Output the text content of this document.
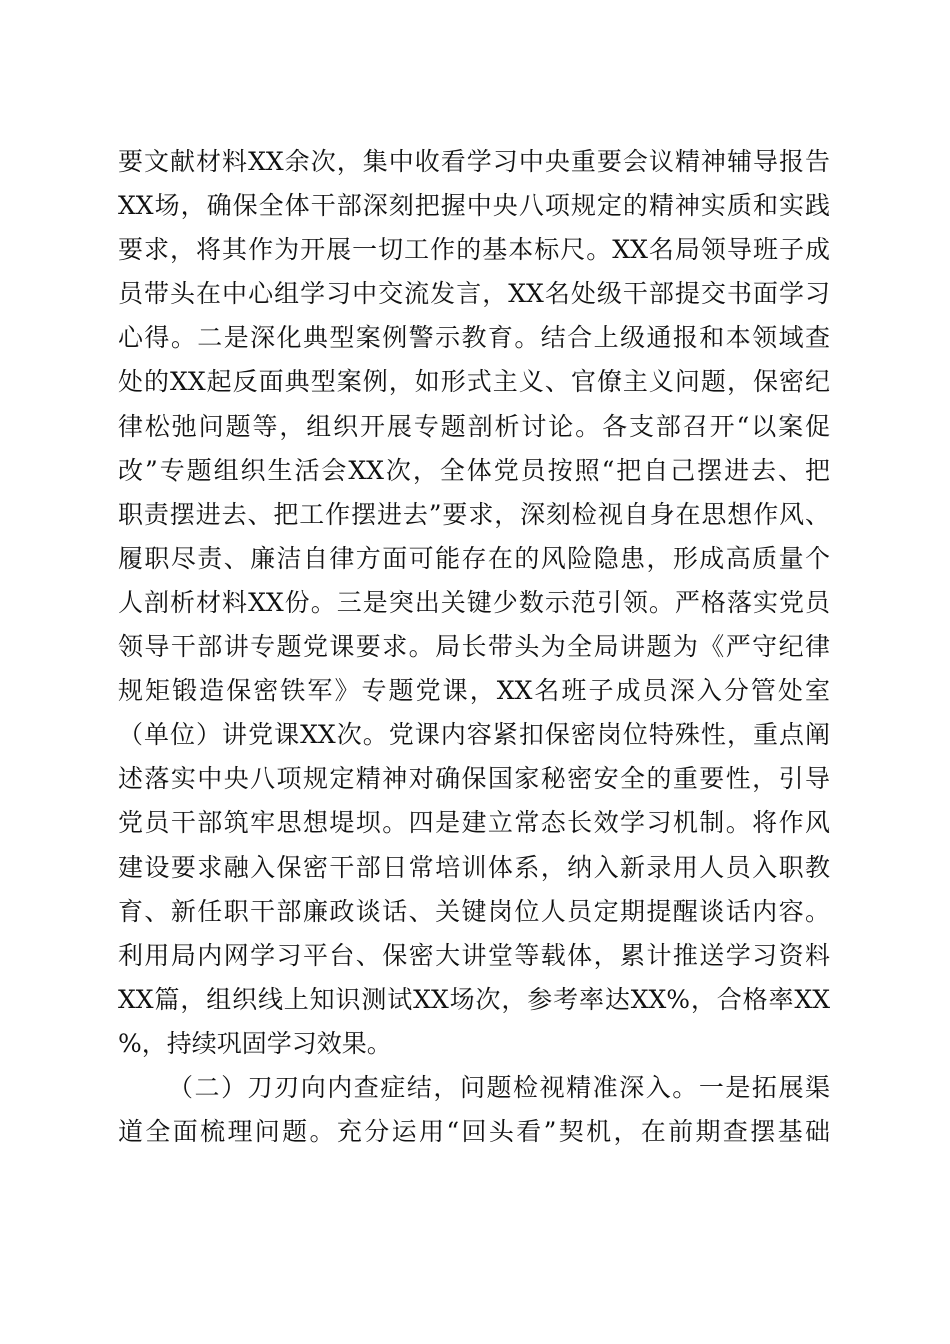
要文献材料XX余次，集中收看学习中央重要会议精神辅导报告
XX场，确保全体干部深刻把握中央八项规定的精神实质和实践
要求，将其作为开展一切工作的基本标尺。XX名局领导班子成
员带头在中心组学习中交流发言，XX名处级干部提交书面学习
心得。二是深化典型案例警示教育。结合上级通报和本领域查
处的XX起反面典型案例，如形式主义、官僚主义问题，保密纪
律松弛问题等，组织开展专题剖析讨论。各支部召开“以案促
改”专题组织生活会XX次，全体党员按照“把自己摆进去、把
职责摆进去、把工作摆进去”要求，深刻检视自身在思想作风、
履职尽责、廉洁自律方面可能存在的风险隐患，形成高质量个
人剖析材料XX份。三是突出关键少数示范引领。严格落实党员
领导干部讲专题党课要求。局长带头为全局讲题为《严守纪律
规矩锻造保密铁军》专题党课，XX名班子成员深入分管处室
（单位）讲党课XX次。党课内容紧扣保密岗位特殊性，重点阐
述落实中央八项规定精神对确保国家秘密安全的重要性，引导
党员干部筑牢思想堤坝。四是建立常态长效学习机制。将作风
建设要求融入保密干部日常培训体系，纳入新录用人员入职教
育、新任职干部廉政谈话、关键岗位人员定期提醒谈话内容。
利用局内网学习平台、保密大讲堂等载体，累计推送学习资料
XX篇，组织线上知识测试XX场次，参考率达XX%，合格率XX
%，持续巩固学习效果。
（二）刀刃向内查症结，问题检视精准深入。一是拓展渠
道全面梳理问题。充分运用“回头看”契机，在前期查摆基础
